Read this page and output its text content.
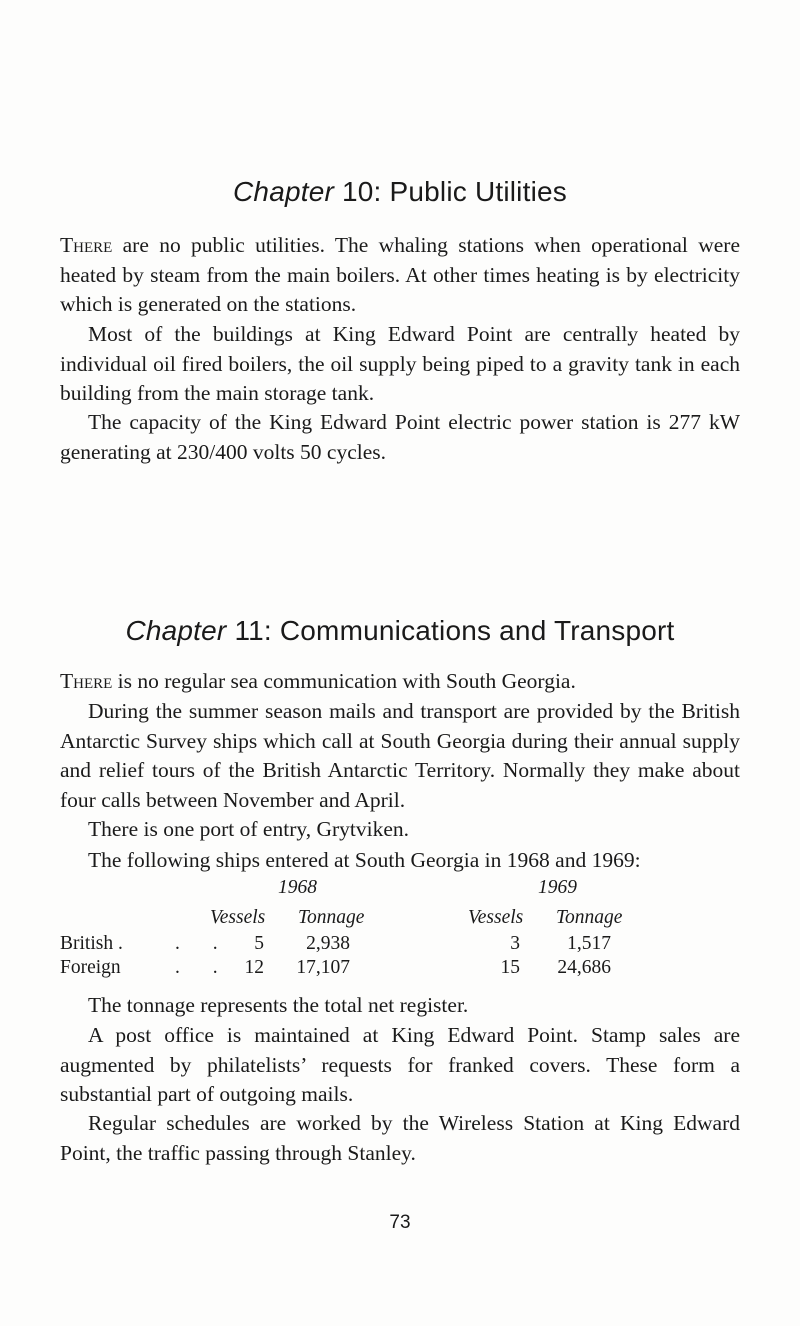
Chapter 10: Public Utilities

There are no public utilities. The whaling stations when operational were heated by steam from the main boilers. At other times heating is by electricity which is generated on the stations.

Most of the buildings at King Edward Point are centrally heated by individual oil fired boilers, the oil supply being piped to a gravity tank in each building from the main storage tank.

The capacity of the King Edward Point electric power station is 277 kW generating at 230/400 volts 50 cycles.

Chapter 11: Communications and Transport

There is no regular sea communication with South Georgia.

During the summer season mails and transport are provided by the British Antarctic Survey ships which call at South Georgia during their annual supply and relief tours of the British Antarctic Territory. Normally they make about four calls between November and April.

There is one port of entry, Grytviken.

The following ships entered at South Georgia in 1968 and 1969:

1968	1969
Vessels Tonnage	Vessels Tonnage
British .	. .	5	2,938	3	1,517
Foreign	. . 12	17,107	15	24,686

The tonnage represents the total net register.

A post office is maintained at King Edward Point. Stamp sales are augmented by philatelists’ requests for franked covers. These form a substantial part of outgoing mails.

Regular schedules are worked by the Wireless Station at King Edward Point, the traffic passing through Stanley.

73
